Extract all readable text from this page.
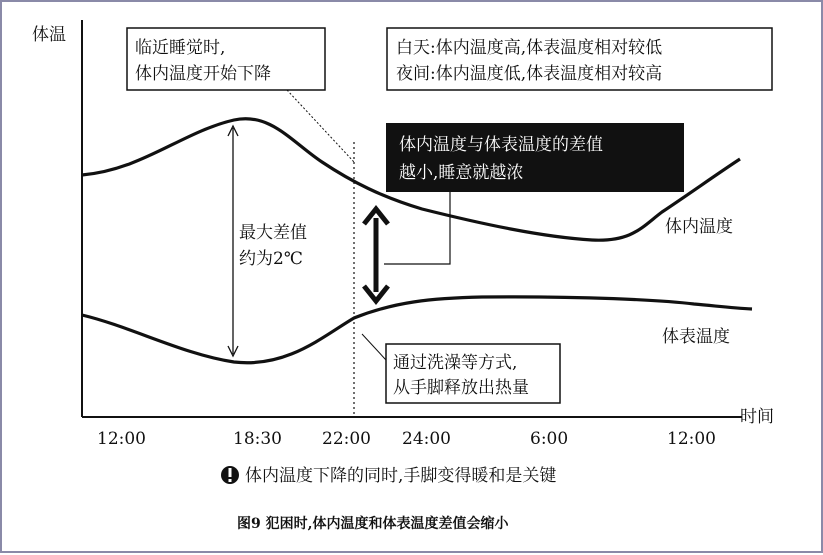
体温
时间
12:00	18:30 22:00 24:00	6:00	12:00
最大差值
约为2℃
临近睡觉时,
体内温度开始下降
白天:体内温度高,体表温度相对较低
夜间:体内温度低,体表温度相对较高
体内温度与体表温度的差值
越小,睡意就越浓
体内温度
体表温度
通过洗澡等方式,
从手脚释放出热量
体内温度下降的同时,手脚变得暖和是关键
图9 犯困时,体内温度和体表温度差值会缩小
